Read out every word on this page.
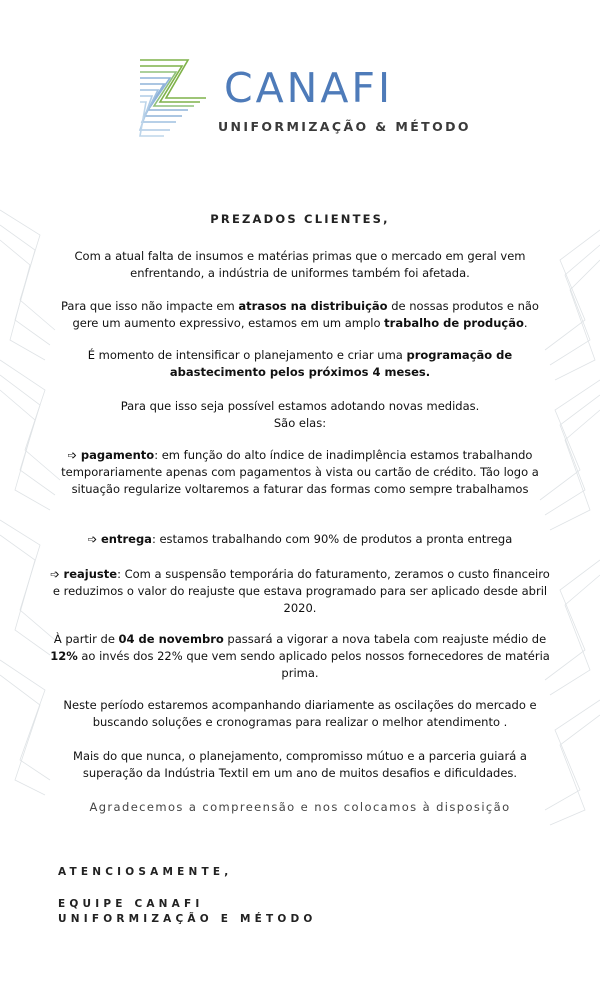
CANAFI
UNIFORMIZAÇÃO & MÉTODO
PREZADOS CLIENTES,
Com a atual falta de insumos e matérias primas que o mercado em geral vem enfrentando, a indústria de uniformes também foi afetada.
Para que isso não impacte em atrasos na distribuição de nossas produtos e não gere um aumento expressivo, estamos em um amplo trabalho de produção.
É momento de intensificar o planejamento e criar uma programação de abastecimento pelos próximos 4 meses.
Para que isso seja possível estamos adotando novas medidas.
São elas:
➩ pagamento: em função do alto índice de inadimplência estamos trabalhando temporariamente apenas com pagamentos à vista ou cartão de crédito. Tão logo a situação regularize voltaremos a faturar das formas como sempre trabalhamos
➩ entrega: estamos trabalhando com 90% de produtos a pronta entrega
➩ reajuste: Com a suspensão temporária do faturamento, zeramos o custo financeiro e reduzimos o valor do reajuste que estava programado para ser aplicado desde abril 2020.
À partir de 04 de novembro passará a vigorar a nova tabela com reajuste médio de 12% ao invés dos 22% que vem sendo aplicado pelos nossos fornecedores de matéria prima.
Neste período estaremos acompanhando diariamente as oscilações do mercado e buscando soluções e cronogramas para realizar o melhor atendimento .
Mais do que nunca, o planejamento, compromisso mútuo e a parceria guiará a superação da Indústria Textil em um ano de muitos desafios e dificuldades.
Agradecemos a compreensão e nos colocamos à disposição
ATENCIOSAMENTE,
EQUIPE CANAFI
UNIFORMIZAÇÃO E MÉTODO
